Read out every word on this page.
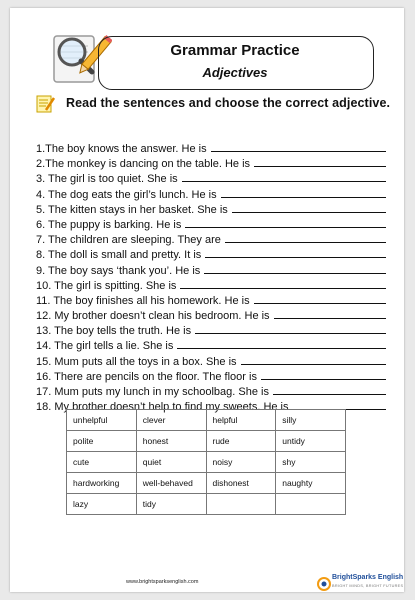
Grammar Practice
Adjectives
Read the sentences and choose the correct adjective.
1.The boy knows the answer. He is
2.The monkey is dancing on the table. He is
3. The girl is too quiet. She is
4. The dog eats the girl’s lunch. He is
5. The kitten stays in her basket. She is
6. The puppy is barking. He is
7. The children are sleeping. They are
8. The doll is small and pretty. It is
9. The boy says ‘thank you’. He is
10. The girl is spitting. She is
11. The boy finishes all his homework. He is
12. My brother doesn’t clean his bedroom. He is
13. The boy tells the truth. He is
14. The girl tells a lie. She is
15. Mum puts all the toys in a box. She is
16. There are pencils on the floor. The floor is
17. Mum puts my lunch in my schoolbag. She is
18. My brother doesn’t help to find my sweets. He is
unhelpful	clever	helpful	silly
polite	honest	rude	untidy
cute	quiet	noisy	shy
hardworking	well-behaved	dishonest	naughty
lazy	tidy		
www.brightsparksenglish.com
BrightSparks English
BRIGHT MINDS, BRIGHT FUTURES
